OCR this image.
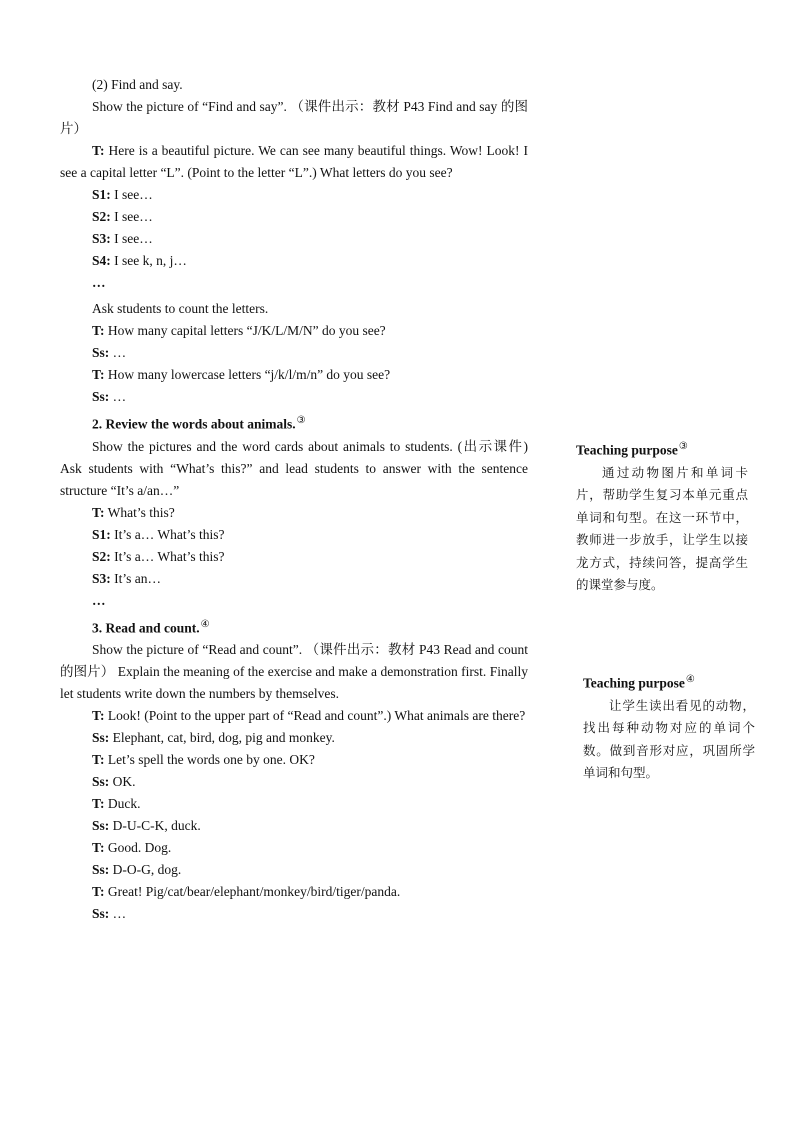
(2) Find and say.

Show the picture of “Find and say”. （课件出示：教材 P43 Find and say 的图片）

T: Here is a beautiful picture. We can see many beautiful things. Wow! Look! I see a capital letter “L”. (Point to the letter “L”.) What letters do you see?

S1: I see…

S2: I see…

S3: I see…

S4: I see k, n, j…

…

Ask students to count the letters.

T: How many capital letters “J/K/L/M/N” do you see?

Ss: …

T: How many lowercase letters “j/k/l/m/n” do you see?

Ss: …

2. Review the words about animals.③

Show the pictures and the word cards about animals to students. (出示课件) Ask students with “What’s this?” and lead students to answer with the sentence structure “It’s a/an…”

T: What’s this?

S1: It’s a… What’s this?

S2: It’s a… What’s this?

S3: It’s an…

…

3. Read and count.④

Show the picture of “Read and count”. （课件出示：教材 P43 Read and count 的图片） Explain the meaning of the exercise and make a demonstration first. Finally let students write down the numbers by themselves.

T: Look! (Point to the upper part of “Read and count”.) What animals are there?

Ss: Elephant, cat, bird, dog, pig and monkey.

T: Let’s spell the words one by one. OK?

Ss: OK.

T: Duck.

Ss: D-U-C-K, duck.

T: Good. Dog.

Ss: D-O-G, dog.

T: Great! Pig/cat/bear/elephant/monkey/bird/tiger/panda.

Ss: …

Teaching purpose③
通过动物图片和单词卡片，帮助学生复习本单元重点单词和句型。在这一环节中，教师进一步放手，让学生以接龙方式，持续问答，提高学生的课堂参与度。
Teaching purpose④
让学生读出看见的动物，找出每种动物对应的单词个数。做到音形对应，巩固所学单词和句型。
